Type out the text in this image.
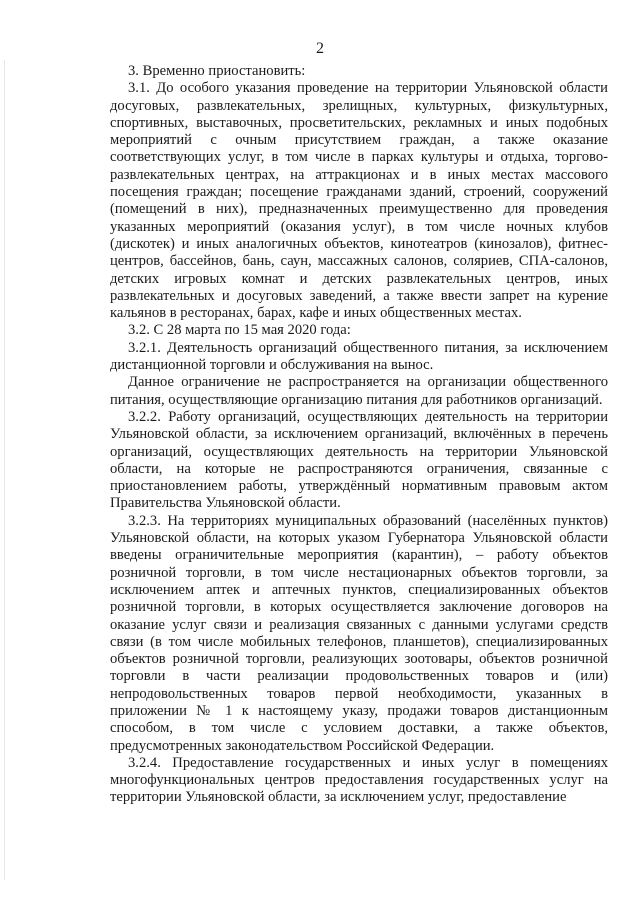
2

3. Временно приостановить:

3.1. До особого указания проведение на территории Ульяновской области досуговых, развлекательных, зрелищных, культурных, физкультурных, спортивных, выставочных, просветительских, рекламных и иных подобных мероприятий с очным присутствием граждан, а также оказание соответствующих услуг, в том числе в парках культуры и отдыха, торгово-развлекательных центрах, на аттракционах и в иных местах массового посещения граждан; посещение гражданами зданий, строений, сооружений (помещений в них), предназначенных преимущественно для проведения указанных мероприятий (оказания услуг), в том числе ночных клубов (дискотек) и иных аналогичных объектов, кинотеатров (кинозалов), фитнес-центров, бассейнов, бань, саун, массажных салонов, соляриев, СПА-салонов, детских игровых комнат и детских развлекательных центров, иных развлекательных и досуговых заведений, а также ввести запрет на курение кальянов в ресторанах, барах, кафе и иных общественных местах.

3.2. С 28 марта по 15 мая 2020 года:

3.2.1. Деятельность организаций общественного питания, за исключением дистанционной торговли и обслуживания на вынос.

Данное ограничение не распространяется на организации общественного питания, осуществляющие организацию питания для работников организаций.

3.2.2. Работу организаций, осуществляющих деятельность на территории Ульяновской области, за исключением организаций, включённых в перечень организаций, осуществляющих деятельность на территории Ульяновской области, на которые не распространяются ограничения, связанные с приостановлением работы, утверждённый нормативным правовым актом Правительства Ульяновской области.

3.2.3. На территориях муниципальных образований (населённых пунктов) Ульяновской области, на которых указом Губернатора Ульяновской области введены ограничительные мероприятия (карантин), – работу объектов розничной торговли, в том числе нестационарных объектов торговли, за исключением аптек и аптечных пунктов, специализированных объектов розничной торговли, в которых осуществляется заключение договоров на оказание услуг связи и реализация связанных с данными услугами средств связи (в том числе мобильных телефонов, планшетов), специализированных объектов розничной торговли, реализующих зоотовары, объектов розничной торговли в части реализации продовольственных товаров и (или) непродовольственных товаров первой необходимости, указанных в приложении № 1 к настоящему указу, продажи товаров дистанционным способом, в том числе с условием доставки, а также объектов, предусмотренных законодательством Российской Федерации.

3.2.4. Предоставление государственных и иных услуг в помещениях многофункциональных центров предоставления государственных услуг на территории Ульяновской области, за исключением услуг, предоставление
